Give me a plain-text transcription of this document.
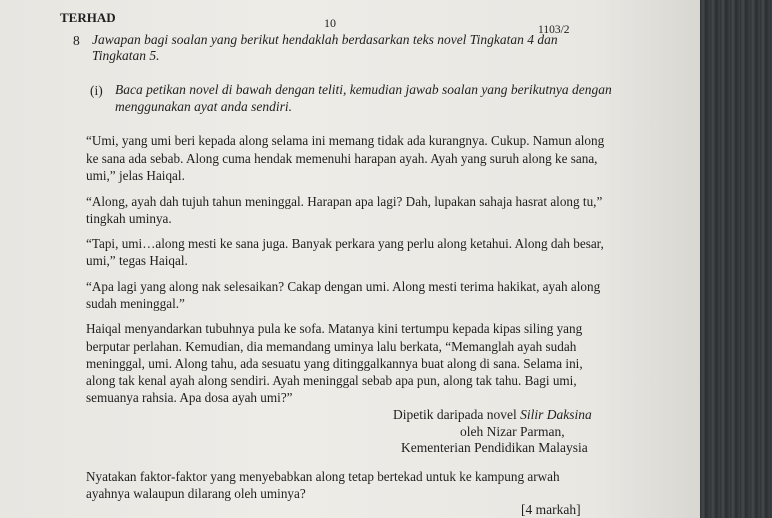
TERHAD	10	1103/2
8 Jawapan bagi soalan yang berikut hendaklah berdasarkan teks novel Tingkatan 4 dan
Tingkatan 5.
(i) Baca petikan novel di bawah dengan teliti, kemudian jawab soalan yang berikutnya dengan
menggunakan ayat anda sendiri.
“Umi, yang umi beri kepada along selama ini memang tidak ada kurangnya. Cukup. Namun along
ke sana ada sebab. Along cuma hendak memenuhi harapan ayah. Ayah yang suruh along ke sana,
umi,” jelas Haiqal.
“Along, ayah dah tujuh tahun meninggal. Harapan apa lagi? Dah, lupakan sahaja hasrat along tu,”
tingkah uminya.
“Tapi, umi…along mesti ke sana juga. Banyak perkara yang perlu along ketahui. Along dah besar,
umi,” tegas Haiqal.
“Apa lagi yang along nak selesaikan? Cakap dengan umi. Along mesti terima hakikat, ayah along
sudah meninggal.”
Haiqal menyandarkan tubuhnya pula ke sofa. Matanya kini tertumpu kepada kipas siling yang
berputar perlahan. Kemudian, dia memandang uminya lalu berkata, “Memanglah ayah sudah
meninggal, umi. Along tahu, ada sesuatu yang ditinggalkannya buat along di sana. Selama ini,
along tak kenal ayah along sendiri. Ayah meninggal sebab apa pun, along tak tahu. Bagi umi,
semuanya rahsia. Apa dosa ayah umi?”
Dipetik daripada novel Silir Daksina
oleh Nizar Parman,
Kementerian Pendidikan Malaysia
Nyatakan faktor-faktor yang menyebabkan along tetap bertekad untuk ke kampung arwah
ayahnya walaupun dilarang oleh uminya?
[4 markah]
